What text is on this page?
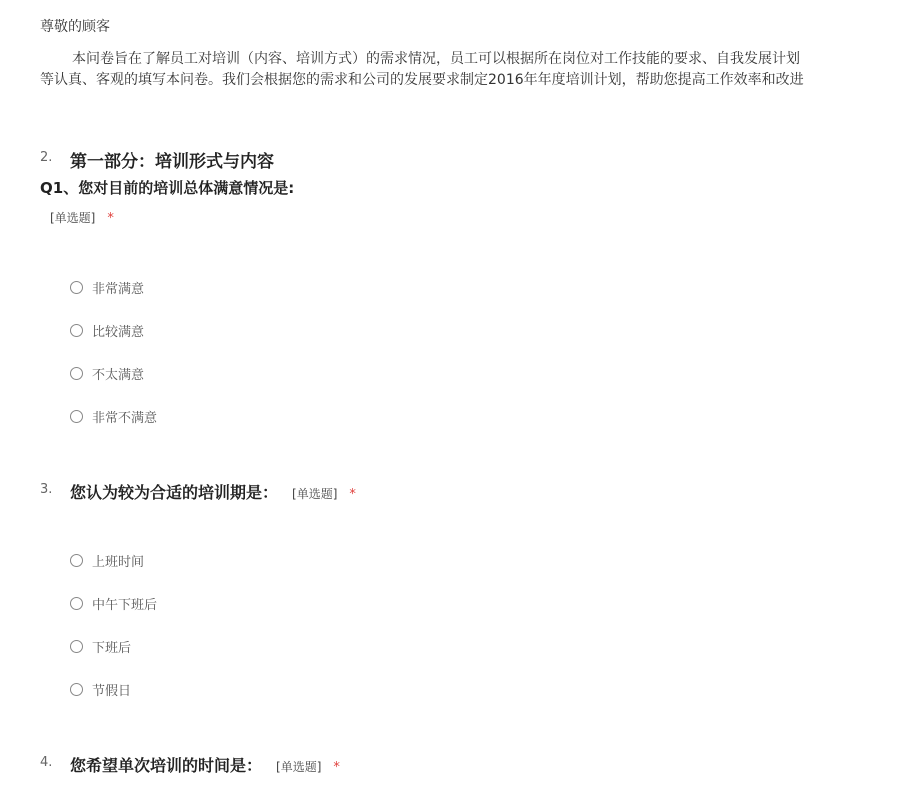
尊敬的顾客
本问卷旨在了解员工对培训（内容、培训方式）的需求情况，员工可以根据所在岗位对工作技能的要求、自我发展计划
等认真、客观的填写本问卷。我们会根据您的需求和公司的发展要求制定2016年年度培训计划，帮助您提高工作效率和改进
2. 第一部分：培训形式与内容
Q1、您对目前的培训总体满意情况是:
[单选题] *
非常满意
比较满意
不太满意
非常不满意
3. 您认为较为合适的培训期是： [单选题] *
上班时间
中午下班后
下班后
节假日
4. 您希望单次培训的时间是： [单选题] *
